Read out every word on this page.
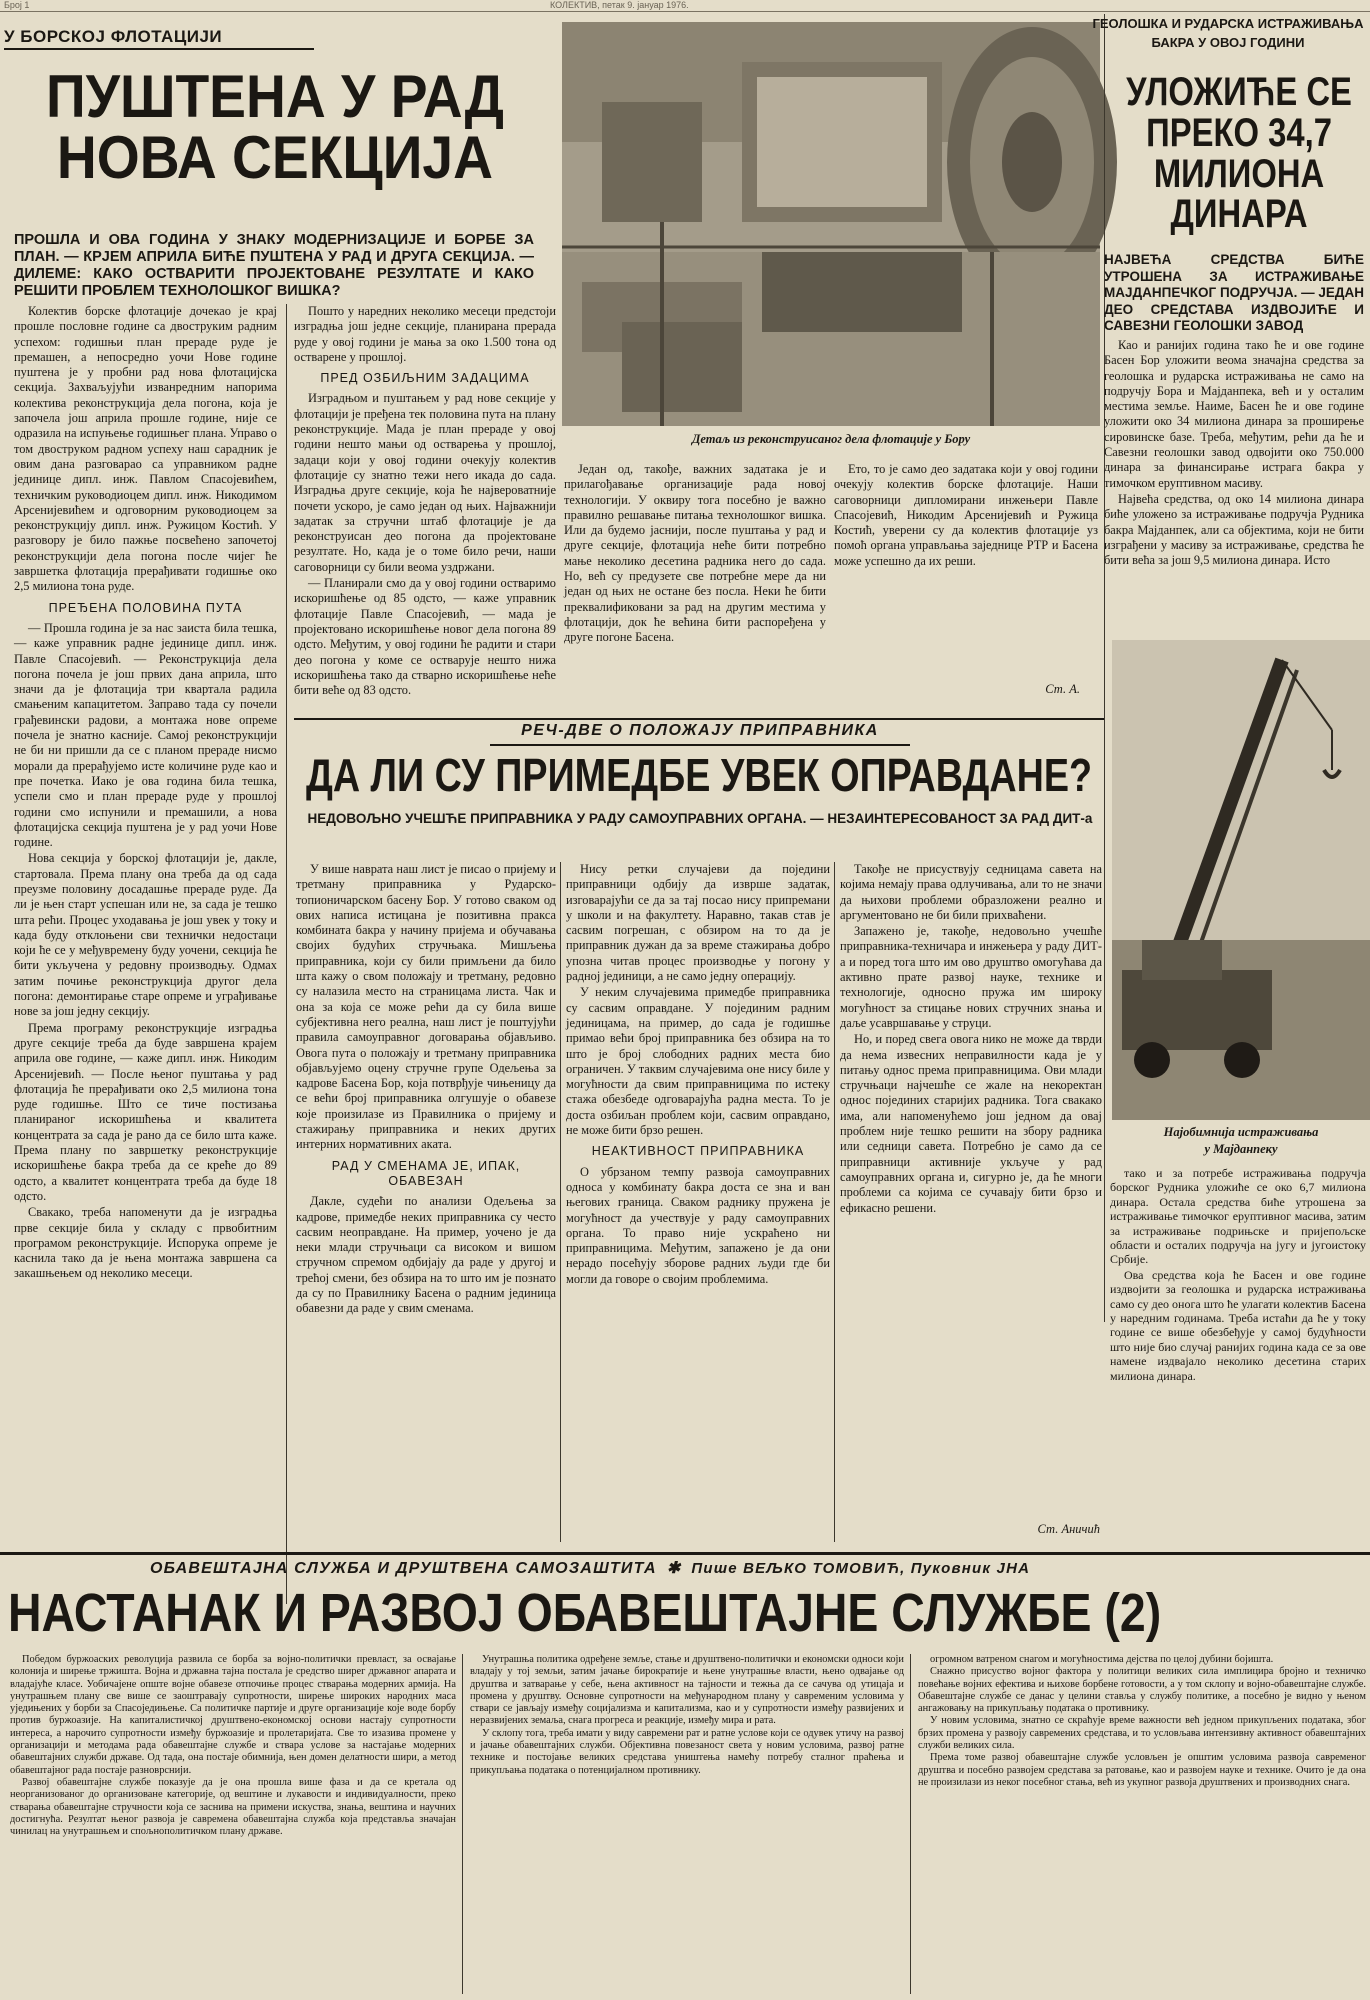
Број 1	КОЛЕКТИВ, петак 9. јануар 1976.
У БОРСКОЈ ФЛОТАЦИЈИ
ПУШТЕНА У РАД
НОВА СЕКЦИЈА
ПРОШЛА И ОВА ГОДИНА У ЗНАКУ МОДЕРНИЗАЦИЈЕ И БОРБЕ ЗА ПЛАН. — КРЈЕМ АПРИЛА БИЋЕ ПУШТЕНА У РАД И ДРУГА СЕКЦИЈА. — ДИЛЕМЕ: КАКО ОСТВАРИТИ ПРОЈЕКТОВАНЕ РЕЗУЛТАТЕ И КАКО РЕШИТИ ПРОБЛЕМ ТЕХНОЛОШКОГ ВИШКА?

Колектив борске флотације дочекао је крај прошле пословне године са двоструким радним успехом: годишњи план прераде руде је премашен, а непосредно уочи Нове године пуштена је у пробни рад нова флотацијска секција. Захваљујући изванредним напорима колектива реконструкција дела погона, која је започела још априла прошле године, није се одразила на испуњење годишњег плана. Управо о том двоструком радном успеху наш сарадник је овим дана разговарао са управником радне јединице дипл. инж. Павлом Спасојевићем, техничким руководиоцем дипл. инж. Никодимом Арсенијевићем и одговорним руководиоцем за реконструкцију дипл. инж. Ружицом Костић. У разговору је било пажње посвећено започетој реконструкцији дела погона после чијег ће завршетка флотација прерађивати годишње око 2,5 милиона тона руде.

ПРЕЂЕНА ПОЛОВИНА ПУТА

— Прошла година је за нас заиста била тешка, — каже управник радне јединице дипл. инж. Павле Спасојевић. — Реконструкција дела погона почела је још првих дана априла, што значи да је флотација три квартала радила смањеним капацитетом. Заправо тада су почели грађевински радови, а монтажа нове опреме почела је знатно касније. Самој реконструкцији не би ни пришли да се с планом прераде нисмо морали да прерађујемо исте количине руде као и пре почетка. Иако је ова година била тешка, успели смо и план прераде руде у прошлој години смо испунили и премашили, а нова флотацијска секција пуштена је у рад уочи Нове године.

Нова секција у борској флотацији је, дакле, стартовала. Према плану она треба да од сада преузме половину досадашње прераде руде. Да ли је њен старт успешан или не, за сада је тешко шта рећи. Процес уходавања је још увек у току и када буду отклоњени сви технички недостаци који ће се у међувремену буду уочени, секција ће бити укључена у редовну производњу. Одмах затим почиње реконструкција другог дела погона: демонтирање старе опреме и уграђивање нове за још једну секцију.

Према програму реконструкције изградња друге секције треба да буде завршена крајем априла ове године, — каже дипл. инж. Никодим Арсенијевић. — После њеног пуштања у рад флотација ће прерађивати око 2,5 милиона тона руде годишње. Што се тиче постизања планираног искоришћења и квалитета концентрата за сада је рано да се било шта каже. Према плану по завршетку реконструкције искоришћење бакра треба да се креће до 89 одсто, а квалитет концентрата треба да буде 18 одсто.

Свакако, треба напоменути да је изградња прве секције била у складу с првобитним програмом реконструкције. Испорука опреме је каснила тако да је њена монтажа завршена са закашњењем од неколико месеци.

Пошто у наредних неколико месеци предстоји изградња још једне секције, планирана прерада руде у овој години је мања за око 1.500 тона од остварене у прошлој.

ПРЕД ОЗБИЉНИМ ЗАДАЦИМА

Изградњом и пуштањем у рад нове секције у флотацији је пређена тек половина пута на плану реконструкције. Мада је план прераде у овој години нешто мањи од остварења у прошлој, задаци који у овој години очекују колектив флотације су знатно тежи него икада до сада. Изградња друге секције, која ће највероватније почети ускоро, је само један од њих. Најважнији задатак за стручни штаб флотације је да реконструисан део погона да пројектоване резултате. Но, када је о томе било речи, наши саговорници су били веома уздржани.

— Планирали смо да у овој години остваримо искоришћење од 85 одсто, — каже управник флотације Павле Спасојевић, — мада је пројектовано искоришћење новог дела погона 89 одсто. Међутим, у овој години ће радити и стари део погона у коме се остварује нешто нижа искоришћења тако да стварно искоришћење неће бити веће од 83 одсто.

Један од, такође, важних задатака је и прилагођавање организације рада новој технологији. У оквиру тога посебно је важно правилно решавање питања технолошког вишка. Или да будемо јаснији, после пуштања у рад и друге секције, флотација неће бити потребно мање неколико десетина радника него до сада. Но, већ су предузете све потребне мере да ни један од њих не остане без посла. Неки ће бити преквалификовани за рад на другим местима у флотацији, док ће већина бити распоређена у друге погоне Басена.

Ето, то је само део задатака који у овој години очекују колектив борске флотације. Наши саговорници дипломирани инжењери Павле Спасојевић, Никодим Арсенијевић и Ружица Костић, уверени су да колектив флотације уз помоћ органа управљања заједнице РТР и Басена може успешно да их реши.

Ст. А.
Детаљ из реконструисаног дела флотације у Бору
ГЕОЛОШКА И РУДАРСКА ИСТРАЖИВАЊА
БАКРА У ОВОЈ ГОДИНИ
УЛОЖИЋЕ СЕ
ПРЕКО 34,7
МИЛИОНА ДИНАРА
НАЈВЕЋА СРЕДСТВА БИЋЕ УТРОШЕНА ЗА ИСТРАЖИВАЊЕ МАЈДАНПЕЧКОГ ПОДРУЧЈА. — ЈЕДАН ДЕО СРЕДСТАВА ИЗДВОЈИЋЕ И САВЕЗНИ ГЕОЛОШКИ ЗАВОД

Као и ранијих година тако ће и ове године Басен Бор уложити веома значајна средства за геолошка и рударска истраживања не само на подручју Бора и Мајданпека, већ и у осталим местима земље. Наиме, Басен ће и ове године уложити око 34 милиона динара за проширење сировинске базе. Треба, међутим, рећи да ће и Савезни геолошки завод одвојити око 750.000 динара за финансирање истрага бакра у тимочком еруптивном масиву.

Највећа средства, од око 14 милиона динара биће уложено за истраживање подручја Рудника бакра Мајданпек, али са објектима, који не бити изграђени у масиву за истраживање, средства ће бити већа за још 9,5 милиона динара. Исто

Најобимнија истраживања
у Мајданпеку

тако и за потребе истраживања подручја борског Рудника уложиће се око 6,7 милиона динара. Остала средства биће утрошена за истраживање тимочког еруптивног масива, затим за истраживање подрињске и пријепољске области и осталих подручја на југу и југоистоку Србије.

Ова средства која ће Басен и овe године издвојити за геолошка и рударска истраживања само су део онога што ће улагати колектив Басена у наредним годинама. Треба истаћи да ће у току године се више обезбеђује у самој будућности што није био случај ранијих година када се за ове намене издвајало неколико десетина старих милиона динара.

РЕЧ-ДВЕ О ПОЛОЖАЈУ ПРИПРАВНИКА
ДА ЛИ СУ ПРИМЕДБЕ УВЕК ОПРАВДАНЕ?
НЕДОВОЉНО УЧЕШЋЕ ПРИПРАВНИКА У РАДУ САМОУПРАВНИХ ОРГАНА. — НЕЗАИНТЕРЕСОВАНОСТ ЗА РАД ДИТ-а

У више наврата наш лист је писао о пријему и третману приправника у Рударско-топионичарском басену Бор. У готово сваком од ових написа истицана је позитивна пракса комбината бакра у начину пријема и обучавања својих будућих стручњака. Мишљења приправника, који су били примљени да било шта кажу о свом положају и третману, редовно су налазила место на страницама листа. Чак и она за која се може рећи да су била више субјективна него реална, наш лист је поштујући правила самоуправног договарања објављиво. Овога пута о положају и третману приправника објављујемо оцену стручне групе Одељења за кадрове Басена Бор, која потврђује чињеницу да се већи број приправника олгушује о обавезе које произилазе из Правилника о пријему и стажирању приправника и неких других интерних нормативних аката.

РАД У СМЕНАМА ЈЕ, ИПАК, ОБАВЕЗАН

Дакле, судећи по анализи Одељења за кадрове, примедбе неких приправника су често сасвим неоправдане. На пример, уочено је да неки млади стручњаци са високом и вишом стручном спремом одбијају да раде у другој и трећој смени, без обзира на то што им је познато да су по Правилнику Басена о радним јединица обавезни да раде у свим сменама.

Нису ретки случајеви да поједини приправници одбију да изврше задатак, изговарајући се да за тај посао нису припремани у школи и на факултету. Наравно, такав став је сасвим погрешан, с обзиром на то да је приправник дужан да за време стажирања добро упозна читав процес производње у погону у радној јединици, а не само једну операцију.

У неким случајевима примедбе приправника су сасвим оправдане. У појединим радним јединицама, на пример, до сада је годишње примао већи број приправника без обзира на то што је број слободних радних места био ограничен. У таквим случајевима оне нису биле у могућности да свим приправницима по истеку стажа обезбеде одговарајућа радна места. То је доста озбиљан проблем који, сасвим оправдано, не може бити брзо решен.

НЕАКТИВНОСТ ПРИПРАВНИКА

О убрзаном темпу развоја самоуправних односа у комбинату бакра доста се зна и ван његових граница. Сваком раднику пружена је могућност да учествује у раду самоуправних органа. То право није ускраћено ни приправницима. Међутим, запажено је да они нерадо посећују зборове радних људи где би могли да говоре о својим проблемима.

Такође не присуствују седницама савета на којима немају права одлучивања, али то не значи да њихови проблеми образложени реално и аргументовано не би били прихваћени.

Запажено је, такође, недовољно учешће приправника-техничара и инжењера у раду ДИТ-а и поред тога што им ово друштво омогућава да активно прате развој науке, технике и технологије, односно пружа им широку могућност за стицање нових стручних знања и даље усавршавање у струци.

Но, и поред свега овога нико не може да тврди да нема извесних неправилности када је у питању однос према приправницима. Ови млади стручњаци најчешће се жале на некоректан однос појединих старијих радника. Тога свакако има, али напоменућемо још једном да овај проблем није тешко решити на збору радника или седници савета. Потребно је само да се приправници активније укључе у рад самоуправних органа и, сигурно је, да ће многи проблеми са којима се сучавају бити брзо и ефикасно решени.

Ст. Аничић
ОБАВЕШТАЈНА СЛУЖБА И ДРУШТВЕНА САМОЗАШТИТА ✱ Пише ВЕЉКО ТОМОВИЋ, Пуковник ЈНА
НАСТАНАК И РАЗВОЈ ОБАВЕШТАЈНЕ СЛУЖБЕ (2)

Победом буржоаских револуција развила се борба за војно-политички превласт, за освајање колонија и ширење тржишта. Војна и државна тајна постала је средство ширег државног апарата и владајуће класе. Уобичајене опште војне обавезе отпочиње процес стварања модерних армија. На унутрашњем плану све више се заоштравају супротности, ширење широких народних маса уједињених у борби за Спасоједињење. Са политичке партије и друге организације које воде борбу против буржоазије. На капиталистичкој друштвено-економској основи настају супротности интереса, а нарочито супротности између буржоазије и пролетаријата. Све то изазива промене у организацији и методама рада обавештајне службе и ствара услове за настајање модерних обавештајних служби државе. Од тада, она постаје обимнија, њен домен делатности шири, а метод обавештајног рада постаје разноврснији.

Развој обавештајне службе показује да је она прошла више фаза и да се кретала од неорганизованог до организоване категорије, од вештине и лукавости и индивидуалности, преко стварања обавештајне стручности која се заснива на примени искуства, знања, вештина и научних достигнућа. Резултат њеног развоја је савремена обавештајна служба која представља значајан чинилац на унутрашњем и спољнополитичком плану државе.

Унутрашња политика одређене земље, стање и друштвено-политички и економски односи који владају у тој земљи, затим јачање бирократије и њене унутрашње власти, њено одвајање од друштва и затварање у себе, њена активност на тајности и тежња да се сачува од утицаја и промена у друштву. Основне супротности на међународном плану у савременим условима у ствари се јављају између социјализма и капитализма, као и у супротности између развијених и неразвијених земаља, снага прогреса и реакције, између мира и рата.

У склопу тога, треба имати у виду савремени рат и ратне услове који се одувек утичу на развој и јачање обавештајних служби. Објективна повезаност света у новим условима, развој ратне технике и постојање великих средстава уништења намећу потребу сталног праћења и прикупљања података о потенцијалном противнику.

огромном ватреном снагом и могућностима дејства по целој дубини бојишта.

Снажно присуство војног фактора у политици великих сила имплицира бројно и техничко повећање војних ефектива и њихове борбене готовости, а у том склопу и војно-обавештајне службе. Обавештајне службе се данас у целини ставља у службу политике, а посебно је видно у њеном ангажовању на прикупљању података о противнику.

У новим условима, знатно се скраћује време важности већ једном прикупљених података, због брзих промена у развоју савремених средстава, и то условљава интензивну активност обавештајних служби великих сила.

Према томе развој обавештајне службе условљен је општим условима развоја савременог друштва и посебно развојем средстава за ратовање, као и развојем науке и технике. Очито је да она не произилази из неког посебног стања, већ из укупног развоја друштвених и производних снага.
